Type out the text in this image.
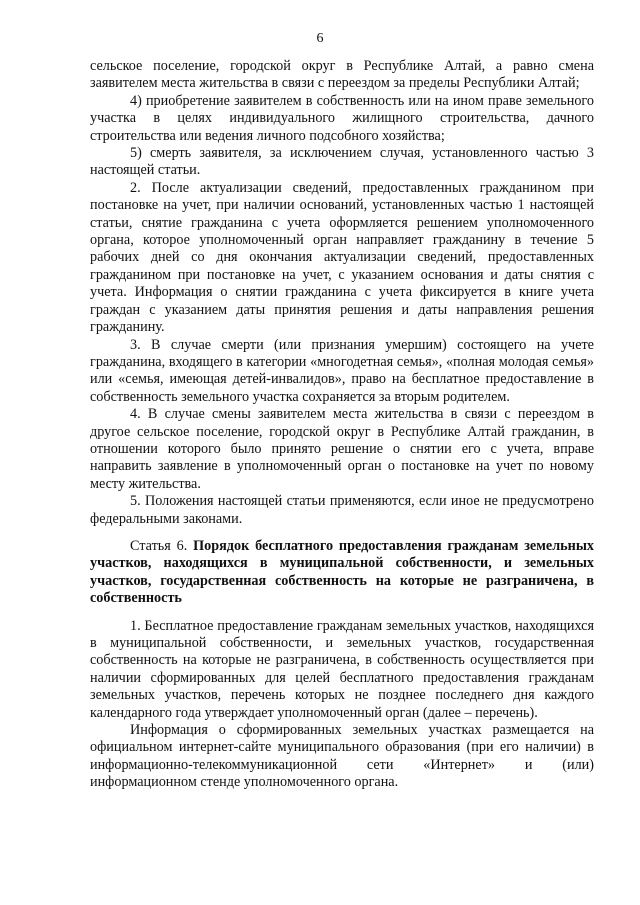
6

сельское поселение, городской округ в Республике Алтай, а равно смена заявителем места жительства в связи с переездом за пределы Республики Алтай;

4) приобретение заявителем в собственность или на ином праве земельного участка в целях индивидуального жилищного строительства, дачного строительства или ведения личного подсобного хозяйства;

5) смерть заявителя, за исключением случая, установленного частью 3 настоящей статьи.

2. После актуализации сведений, предоставленных гражданином при постановке на учет, при наличии оснований, установленных частью 1 настоящей статьи, снятие гражданина с учета оформляется решением уполномоченного органа, которое уполномоченный орган направляет гражданину в течение 5 рабочих дней со дня окончания актуализации сведений, предоставленных гражданином при постановке на учет, с указанием основания и даты снятия с учета. Информация о снятии гражданина с учета фиксируется в книге учета граждан с указанием даты принятия решения и даты направления решения гражданину.

3. В случае смерти (или признания умершим) состоящего на учете гражданина, входящего в категории «многодетная семья», «полная молодая семья» или «семья, имеющая детей-инвалидов», право на бесплатное предоставление в собственность земельного участка сохраняется за вторым родителем.

4. В случае смены заявителем места жительства в связи с переездом в другое сельское поселение, городской округ в Республике Алтай гражданин, в отношении которого было принято решение о снятии его с учета, вправе направить заявление в уполномоченный орган о постановке на учет по новому месту жительства.

5. Положения настоящей статьи применяются, если иное не предусмотрено федеральными законами.

Статья 6. Порядок бесплатного предоставления гражданам земельных участков, находящихся в муниципальной собственности, и земельных участков, государственная собственность на которые не разграничена, в собственность

1. Бесплатное предоставление гражданам земельных участков, находящихся в муниципальной собственности, и земельных участков, государственная собственность на которые не разграничена, в собственность осуществляется при наличии сформированных для целей бесплатного предоставления гражданам земельных участков, перечень которых не позднее последнего дня каждого календарного года утверждает уполномоченный орган (далее – перечень).

Информация о сформированных земельных участках размещается на официальном интернет-сайте муниципального образования (при его наличии) в информационно-телекоммуникационной сети «Интернет» и (или) информационном стенде уполномоченного органа.
